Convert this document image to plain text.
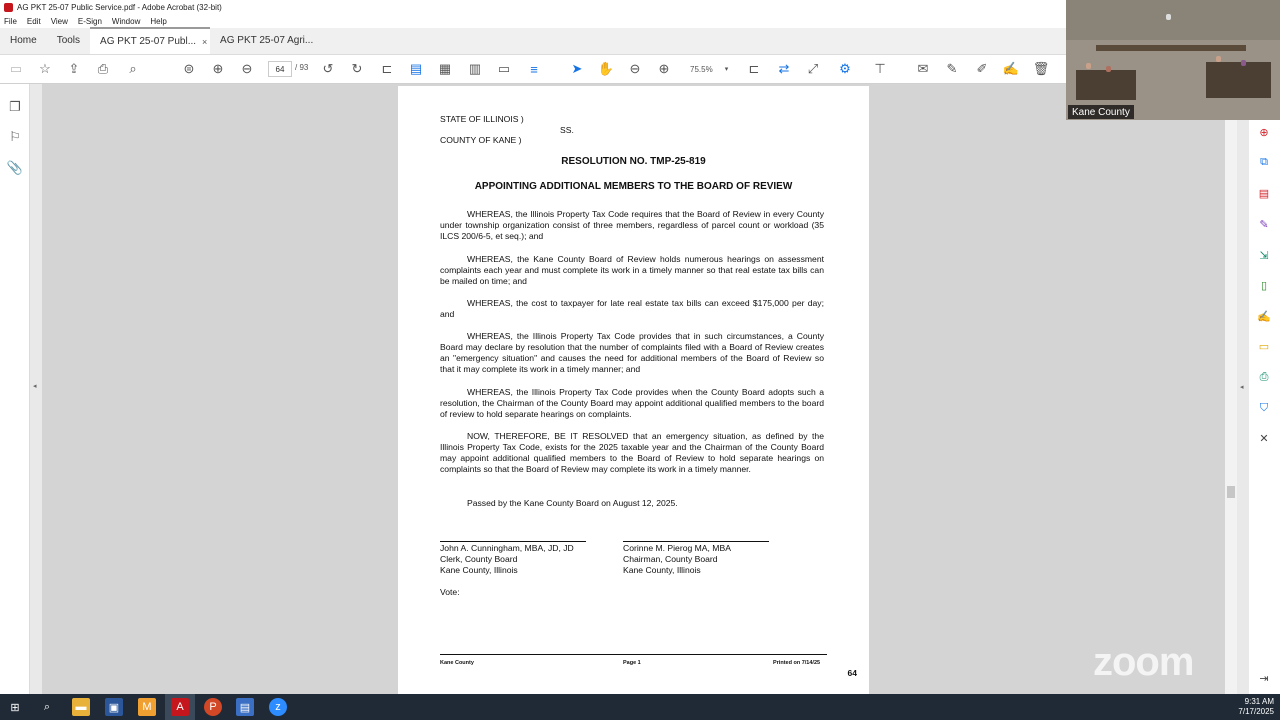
AG PKT 25-07 Public Service.pdf - Adobe Acrobat (32-bit)
File Edit View E-Sign Window Help
Home	Tools	AG PKT 25-07 Publ... × AG PKT 25-07 Agri...
▭ ☆ ⇪ ⎙	⌕	⊜ ⊕ ⊖	64	/ 93 ↺ ↻ ⊏ ▤ ▦ ▥ ▭	≡	➤ ✋ ⊖ ⊕	75.5% ▾ ⊏ ⇄ ⤢ ⚙ ⊤ ✉ ✎ ✐ ✍ 🗑
❐
⚐
📎
◂
STATE OF ILLINOIS )
SS.
COUNTY OF KANE )
RESOLUTION NO. TMP-25-819
APPOINTING ADDITIONAL MEMBERS TO THE BOARD OF REVIEW
WHEREAS, the Illinois Property Tax Code requires that the Board of Review in every County under township organization consist of three members, regardless of parcel count or workload (35 ILCS 200/6-5, et seq.); and
WHEREAS, the Kane County Board of Review holds numerous hearings on assessment complaints each year and must complete its work in a timely manner so that real estate tax bills can be mailed on time; and
WHEREAS, the cost to taxpayer for late real estate tax bills can exceed $175,000 per day; and
WHEREAS, the Illinois Property Tax Code provides that in such circumstances, a County Board may declare by resolution that the number of complaints filed with a Board of Review creates an "emergency situation" and causes the need for additional members of the Board of Review so that it may complete its work in a timely manner; and
WHEREAS, the Illinois Property Tax Code provides when the County Board adopts such a resolution, the Chairman of the County Board may appoint additional qualified members to the board of review to hold separate hearings on complaints.
NOW, THEREFORE, BE IT RESOLVED that an emergency situation, as defined by the Illinois Property Tax Code, exists for the 2025 taxable year and the Chairman of the County Board may appoint additional qualified members to the Board of Review to hold separate hearings on complaints so that the Board of Review may complete its work in a timely manner.
Passed by the Kane County Board on August 12, 2025.
John A. Cunningham, MBA, JD, JD
Clerk, County Board
Kane County, Illinois
Corinne M. Pierog MA, MBA
Chairman, County Board
Kane County, Illinois
Vote:
Kane County	Page 1	Printed on 7/14/25
64
◂
⊕
⧉
▤
✎
⇲
▯
✍
▭
⎙
⛉
✕
⇥
Kane County
zoom
⊞	⌕	▬	▣	M	A	P	▤	z	9:31 AM
7/17/2025
